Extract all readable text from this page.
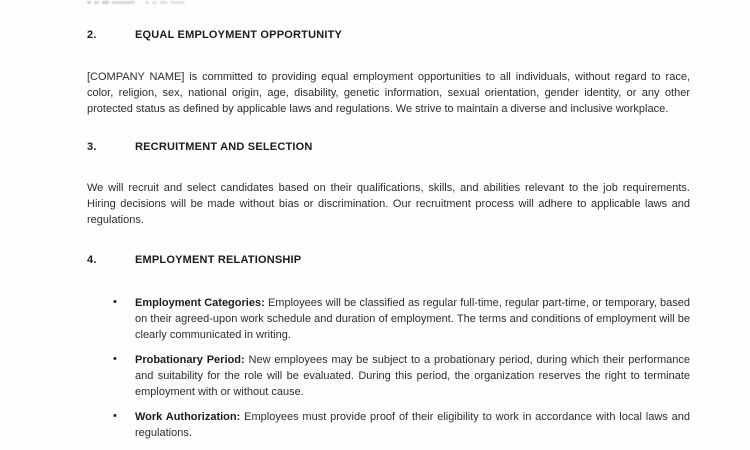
2.	EQUAL EMPLOYMENT OPPORTUNITY

[COMPANY NAME] is committed to providing equal employment opportunities to all individuals, without regard to race, color, religion, sex, national origin, age, disability, genetic information, sexual orientation, gender identity, or any other protected status as defined by applicable laws and regulations. We strive to maintain a diverse and inclusive workplace.

3.	RECRUITMENT AND SELECTION

We will recruit and select candidates based on their qualifications, skills, and abilities relevant to the job requirements. Hiring decisions will be made without bias or discrimination. Our recruitment process will adhere to applicable laws and regulations.

4.	EMPLOYMENT RELATIONSHIP
• Employment Categories: Employees will be classified as regular full-time, regular part-time, or temporary, based on their agreed-upon work schedule and duration of employment. The terms and conditions of employment will be clearly communicated in writing.

• Probationary Period: New employees may be subject to a probationary period, during which their performance and suitability for the role will be evaluated. During this period, the organization reserves the right to terminate employment with or without cause.

• Work Authorization: Employees must provide proof of their eligibility to work in accordance with local laws and regulations.
